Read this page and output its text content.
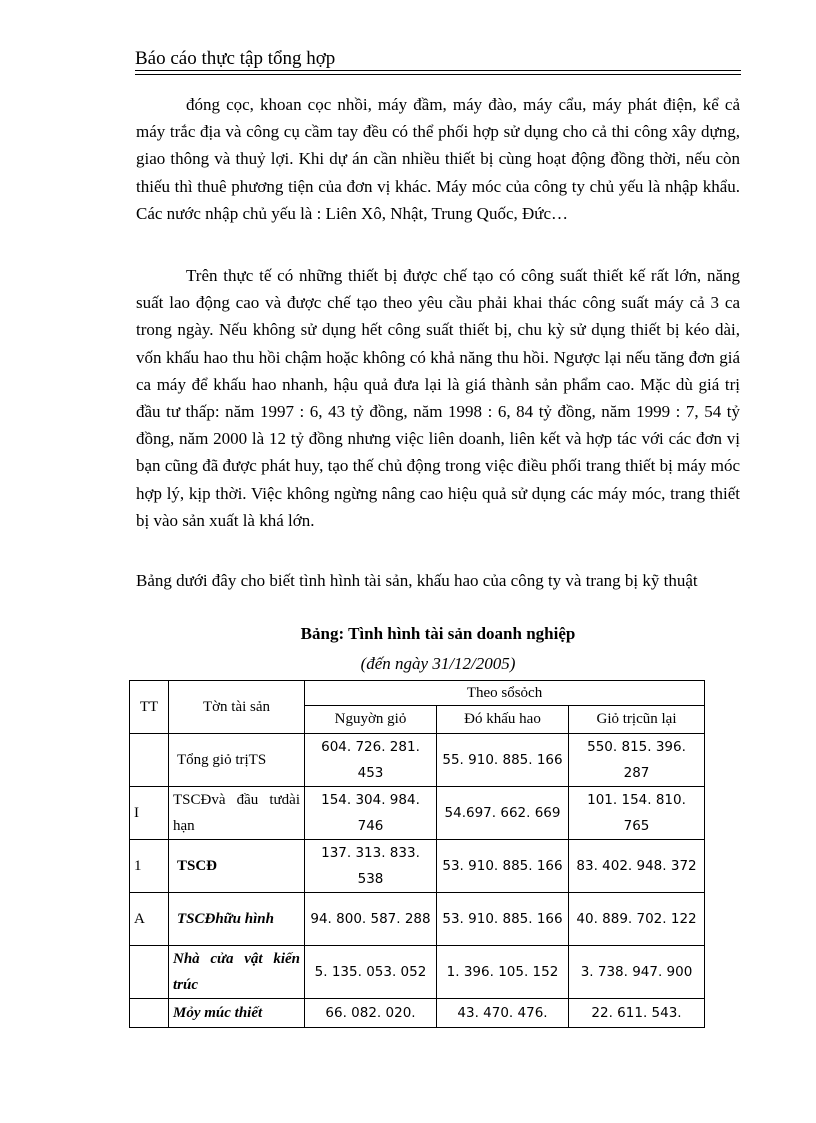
Báo cáo thực tập tổng hợp
đóng cọc, khoan cọc nhồi, máy đầm, máy đào, máy cẩu, máy phát điện, kể cả máy trắc địa và công cụ cầm tay đều có thể phối hợp sử dụng cho cả thi công xây dựng, giao thông và thuỷ lợi. Khi dự án cần nhiều thiết bị cùng hoạt động đồng thời, nếu còn thiếu thì thuê phương tiện của đơn vị khác. Máy móc của công ty chủ yếu là nhập khẩu. Các nước nhập chủ yếu là : Liên Xô, Nhật, Trung Quốc, Đức…
Trên thực tế có những thiết bị được chế tạo có công suất thiết kế rất lớn, năng suất lao động cao và được chế tạo theo yêu cầu phải khai thác công suất máy cả 3 ca trong ngày. Nếu không sử dụng hết công suất thiết bị, chu kỳ sử dụng thiết bị kéo dài, vốn khấu hao thu hồi chậm hoặc không có khả năng thu hồi. Ngược lại nếu tăng đơn giá ca máy để khấu hao nhanh, hậu quả đưa lại là giá thành sản phẩm cao. Mặc dù giá trị đầu tư thấp: năm 1997 : 6, 43 tỷ đồng, năm 1998 : 6, 84 tỷ đồng, năm 1999 : 7, 54 tỷ đồng, năm 2000 là 12 tỷ đồng nhưng việc liên doanh, liên kết và hợp tác với các đơn vị bạn cũng đã được phát huy, tạo thế chủ động trong việc điều phối trang thiết bị máy móc hợp lý, kịp thời. Việc không ngừng nâng cao hiệu quả sử dụng các máy móc, trang thiết bị vào sản xuất là khá lớn.
Bảng dưới đây cho biết tình hình tài sản, khấu hao của công ty và trang bị kỹ thuật
Bảng: Tình hình tài sản doanh nghiệp
(đến ngày 31/12/2005)
TT	Tờn tài sản	Theo sổsỏch		
		Nguyờn giỏ	Đó khấu hao	Giỏ trịcũn lại
	Tổng giỏ trịTS	604. 726. 281. 453	55. 910. 885. 166	550. 815. 396. 287
I	TSCĐvà đầu tưdài hạn	154. 304. 984. 746	54.697. 662. 669	101. 154. 810. 765
1	TSCĐ	137. 313. 833. 538	53. 910. 885. 166	83. 402. 948. 372
A	TSCĐhữu hình	94. 800. 587. 288	53. 910. 885. 166	40. 889. 702. 122
	Nhà cửa vật kiến trúc	5. 135. 053. 052	1. 396. 105. 152	3. 738. 947. 900
	Mỏy múc thiết	66. 082. 020.	43. 470. 476.	22. 611. 543.
